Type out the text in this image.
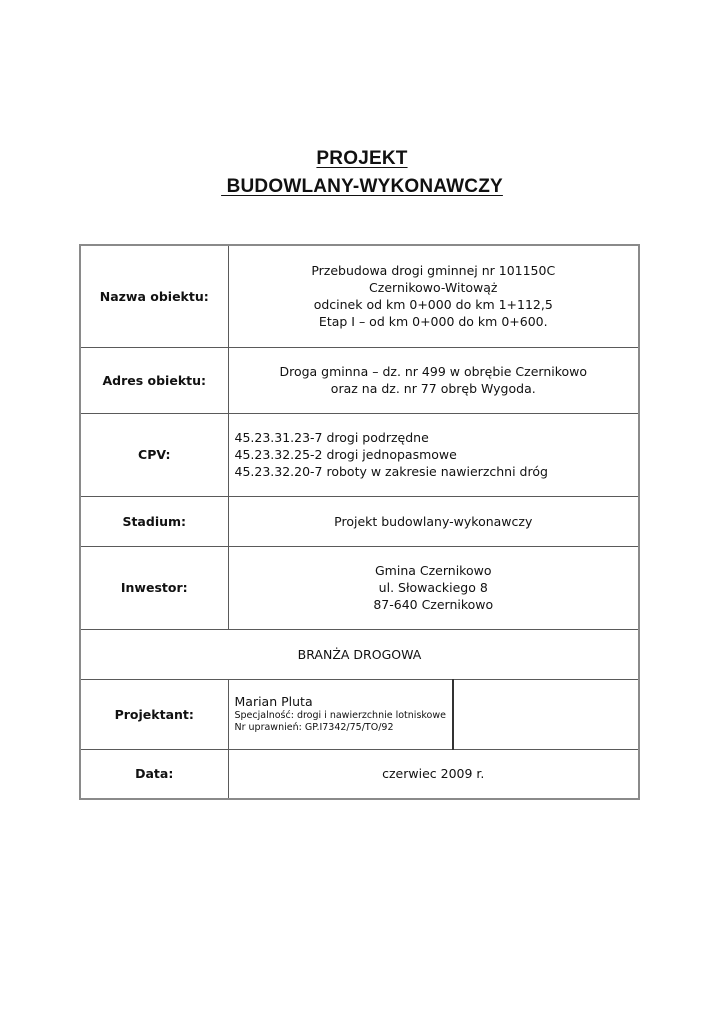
PROJEKT
BUDOWLANY-WYKONAWCZY
Nazwa obiektu:	Przebudowa drogi gminnej nr 101150C
Czernikowo-Witowąż
odcinek od km 0+000 do km 1+112,5
Etap I – od km 0+000 do km 0+600.	

Adres obiektu:	Droga gminna – dz. nr 499 w obrębie Czernikowo
oraz na dz. nr 77 obręb Wygoda.	

CPV:	45.23.31.23-7 drogi podrzędne
45.23.32.25-2 drogi jednopasmowe
45.23.32.20-7 roboty w zakresie nawierzchni dróg	

Stadium:	Projekt budowlany-wykonawczy	
Inwestor:	Gmina Czernikowo
ul. Słowackiego 8
87-640 Czernikowo	

BRANŻA DROGOWA		
Projektant:	Marian Pluta
Specjalność: drogi i nawierzchnie lotniskowe
Nr uprawnień: GP.I7342/75/TO/92	

Data:	czerwiec 2009 r.	
